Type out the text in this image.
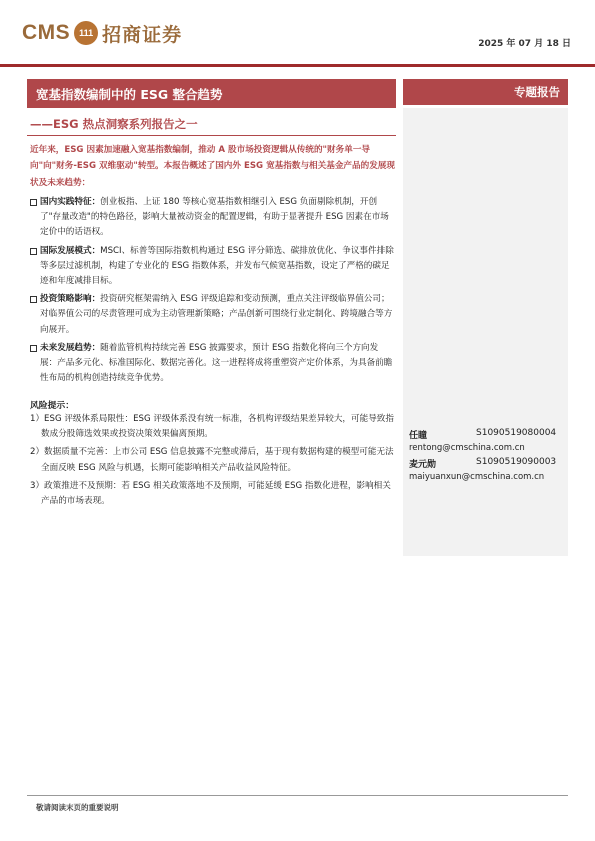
CMS 111 招商证券	2025 年 07 月 18 日
宽基指数编制中的 ESG 整合趋势
——ESG 热点洞察系列报告之一
专题报告
近年来，ESG 因素加速融入宽基指数编制，推动 A 股市场投资逻辑从传统的"财务单一导向"向"财务-ESG 双维驱动"转型。本报告概述了国内外 ESG 宽基指数与相关基金产品的发展现状及未来趋势：
国内实践特征：创业板指、上证 180 等核心宽基指数相继引入 ESG 负面剔除机制，开创了"存量改造"的特色路径，影响大量被动资金的配置逻辑，有助于显著提升 ESG 因素在市场定价中的话语权。
国际发展模式：MSCI、标普等国际指数机构通过 ESG 评分筛选、碳排放优化、争议事件排除等多层过滤机制，构建了专业化的 ESG 指数体系，并发布气候宽基指数，设定了严格的碳足迹和年度减排目标。
投资策略影响：投资研究框架需纳入 ESG 评级追踪和变动预测，重点关注评级临界值公司；对临界值公司的尽责管理可成为主动管理新策略；产品创新可围绕行业定制化、跨境融合等方向展开。
未来发展趋势：随着监管机构持续完善 ESG 披露要求，预计 ESG 指数化将向三个方向发展：产品多元化、标准国际化、数据完善化。这一进程将成将重塑资产定价体系，为具备前瞻性布局的机构创造持续竞争优势。
风险提示：
1）ESG 评级体系局限性：ESG 评级体系没有统一标准，各机构评级结果差异较大，可能导致指数成分股筛选效果或投资决策效果偏离预期。
2）数据质量不完善：上市公司 ESG 信息披露不完整或滞后，基于现有数据构建的模型可能无法全面反映 ESG 风险与机遇，长期可能影响相关产品收益风险特征。
3）政策推进不及预期：若 ESG 相关政策落地不及预期，可能延缓 ESG 指数化进程，影响相关产品的市场表现。
任瞳	S1090519080004
rentong@cmschina.com.cn
麦元勋	S1090519090003
maiyuanxun@cmschina.com.cn
敬请阅读末页的重要说明
